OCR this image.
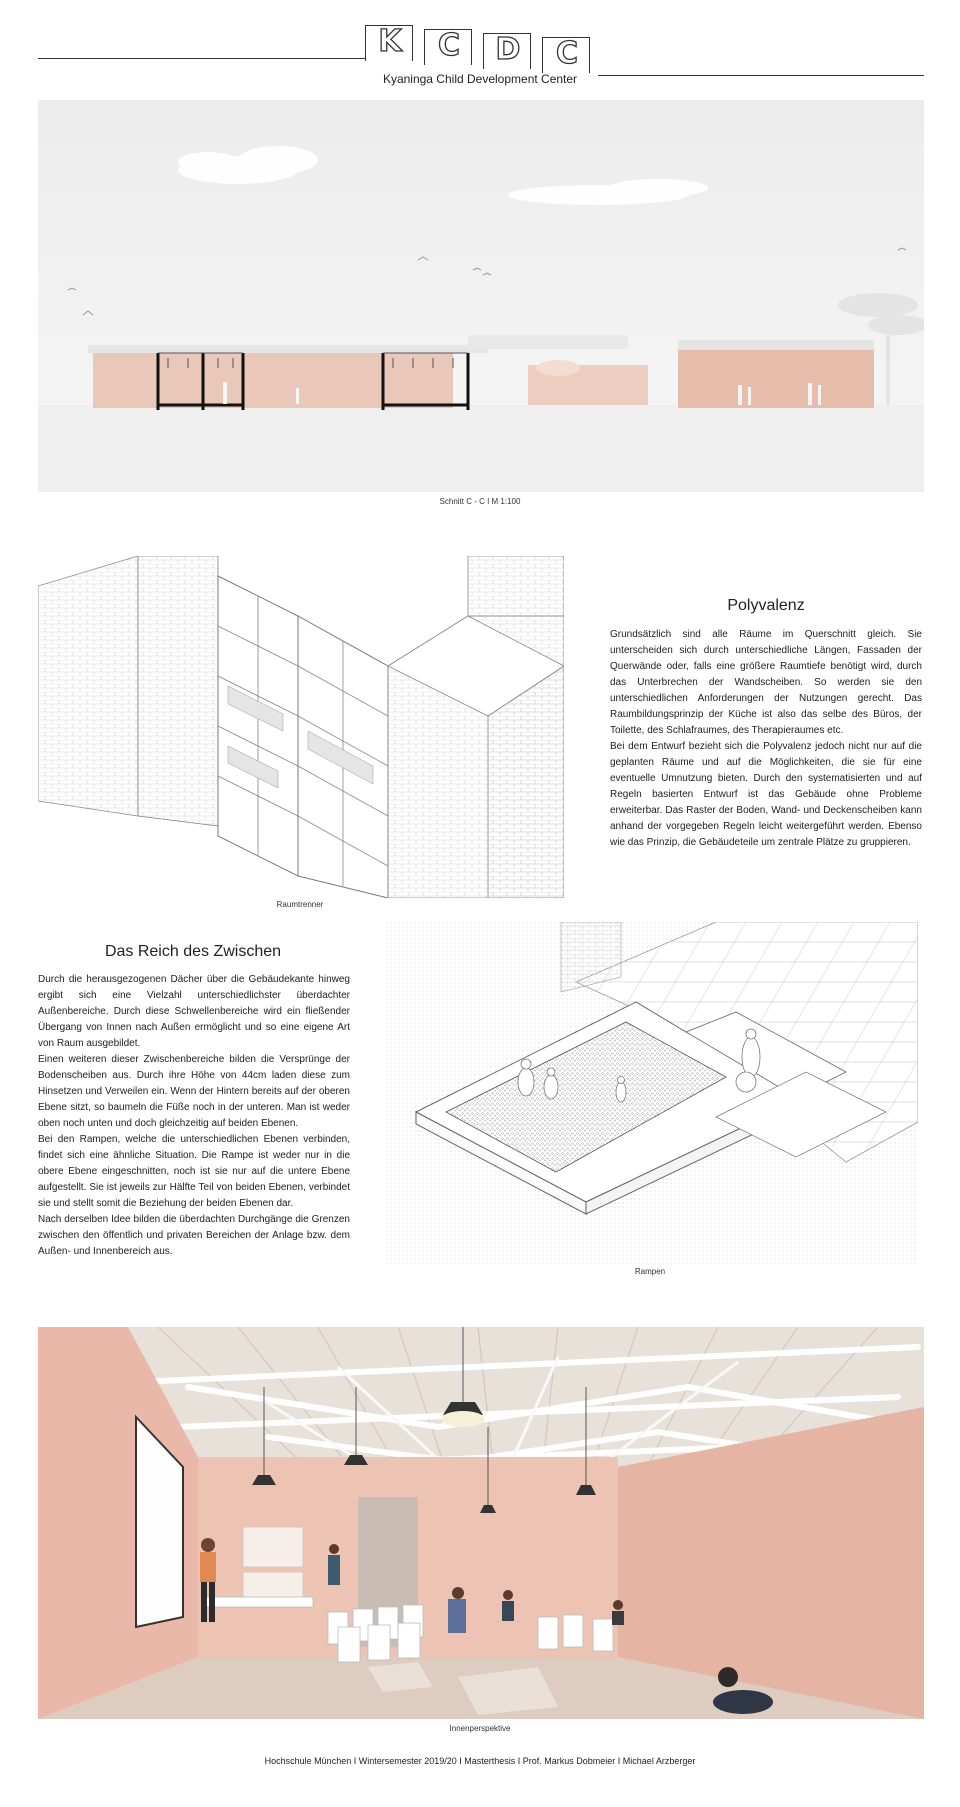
K C D C
Kyaninga Child Development Center
Schnitt C - C I M 1:100
Raumtrenner
Polyvalenz

Grundsätzlich sind alle Räume im Querschnitt gleich. Sie unterscheiden sich durch unterschiedliche Längen, Fassaden der Querwände oder, falls eine größere Raumtiefe benötigt wird, durch das Unterbrechen der Wandscheiben. So werden sie den unterschiedlichen Anforderungen der Nutzungen gerecht. Das Raumbildungsprinzip der Küche ist also das selbe des Büros, der Toilette, des Schlafraumes, des Therapieraumes etc.

Bei dem Entwurf bezieht sich die Polyvalenz jedoch nicht nur auf die geplanten Räume und auf die Möglichkeiten, die sie für eine eventuelle Umnutzung bieten. Durch den systematisierten und auf Regeln basierten Entwurf ist das Gebäude ohne Probleme erweiterbar. Das Raster der Boden, Wand- und Deckenscheiben kann anhand der vorgegeben Regeln leicht weitergeführt werden. Ebenso wie das Prinzip, die Gebäudeteile um zentrale Plätze zu gruppieren.

Das Reich des Zwischen

Durch die herausgezogenen Dächer über die Gebäudekante hinweg ergibt sich eine Vielzahl unterschiedlichster überdachter Außenbereiche. Durch diese Schwellenbereiche wird ein fließender Übergang von Innen nach Außen ermöglicht und so eine eigene Art von Raum ausgebildet.

Einen weiteren dieser Zwischenbereiche bilden die Versprünge der Bodenscheiben aus. Durch ihre Höhe von 44cm laden diese zum Hinsetzen und Verweilen ein. Wenn der Hintern bereits auf der oberen Ebene sitzt, so baumeln die Füße noch in der unteren. Man ist weder oben noch unten und doch gleichzeitig auf beiden Ebenen.

Bei den Rampen, welche die unterschiedlichen Ebenen verbinden, findet sich eine ähnliche Situation. Die Rampe ist weder nur in die obere Ebene eingeschnitten, noch ist sie nur auf die untere Ebene aufgestellt. Sie ist jeweils zur Hälfte Teil von beiden Ebenen, verbindet sie und stellt somit die Beziehung der beiden Ebenen dar.

Nach derselben Idee bilden die überdachten Durchgänge die Grenzen zwischen den öffentlich und privaten Bereichen der Anlage bzw. dem Außen- und Innenbereich aus.

Rampen
Innenperspektive
Hochschule München I Wintersemester 2019/20 I Masterthesis I Prof. Markus Dobmeier I Michael Arzberger
